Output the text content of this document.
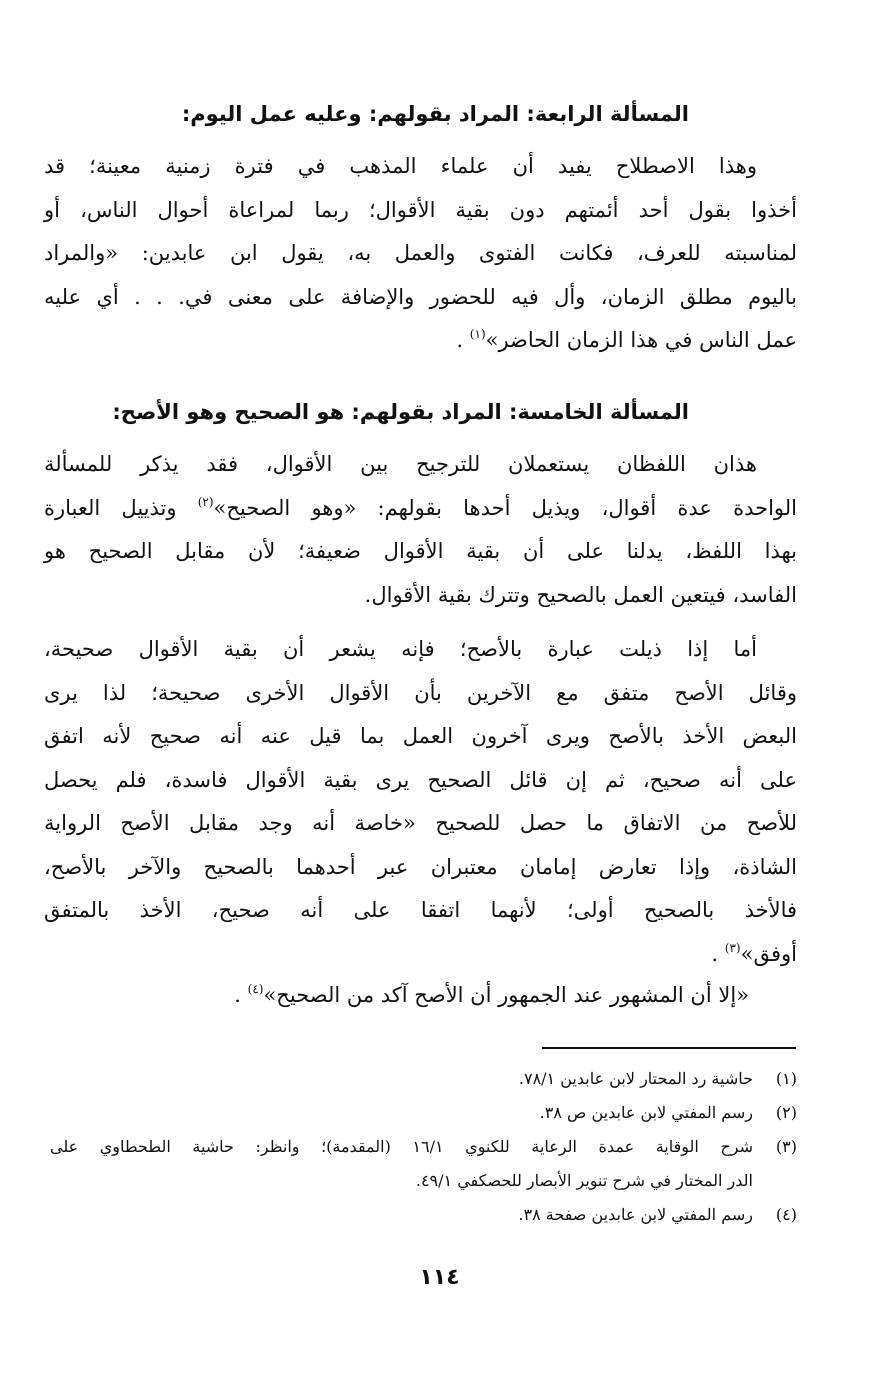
المسألة الرابعة: المراد بقولهم: وعليه عمل اليوم:
وهذا الاصطلاح يفيد أن علماء المذهب في فترة زمنية معينة؛ قد
أخذوا بقول أحد أئمتهم دون بقية الأقوال؛ ربما لمراعاة أحوال الناس، أو
لمناسبته للعرف، فكانت الفتوى والعمل به، يقول ابن عابدين: «والمراد
باليوم مطلق الزمان، وأل فيه للحضور والإضافة على معنى في. . . أي عليه
عمل الناس في هذا الزمان الحاضر»$^{(١)}$ .
المسألة الخامسة: المراد بقولهم: هو الصحيح وهو الأصح:
هذان اللفظان يستعملان للترجيح بين الأقوال، فقد يذكر للمسألة
الواحدة عدة أقوال، ويذيل أحدها بقولهم: «وهو الصحيح»$^{(٢)}$ وتذييل العبارة
بهذا اللفظ، يدلنا على أن بقية الأقوال ضعيفة؛ لأن مقابل الصحيح هو
الفاسد، فيتعين العمل بالصحيح وتترك بقية الأقوال.
أما إذا ذيلت عبارة بالأصح؛ فإنه يشعر أن بقية الأقوال صحيحة،
وقائل الأصح متفق مع الآخرين بأن الأقوال الأخرى صحيحة؛ لذا يرى
البعض الأخذ بالأصح ويرى آخرون العمل بما قيل عنه أنه صحيح لأنه اتفق
على أنه صحيح، ثم إن قائل الصحيح يرى بقية الأقوال فاسدة، فلم يحصل
للأصح من الاتفاق ما حصل للصحيح «خاصة أنه وجد مقابل الأصح الرواية
الشاذة، وإذا تعارض إمامان معتبران عبر أحدهما بالصحيح والآخر بالأصح،
فالأخذ بالصحيح أولى؛ لأنهما اتفقا على أنه صحيح، الأخذ بالمتفق
أوفق»$^{(٣)}$ .
«إلا أن المشهور عند الجمهور أن الأصح آكد من الصحيح»$^{(٤)}$ .
(١)
حاشية رد المحتار لابن عابدين ٧٨/١.
(٢)
رسم المفتي لابن عابدين ص ٣٨.
(٣)
شرح الوقاية عمدة الرعاية للكنوي ١٦/١ (المقدمة)؛ وانظر: حاشية الطحطاوي على
الدر المختار في شرح تنوير الأبصار للحصكفي ٤٩/١.
(٤)
رسم المفتي لابن عابدين صفحة ٣٨.
١١٤
